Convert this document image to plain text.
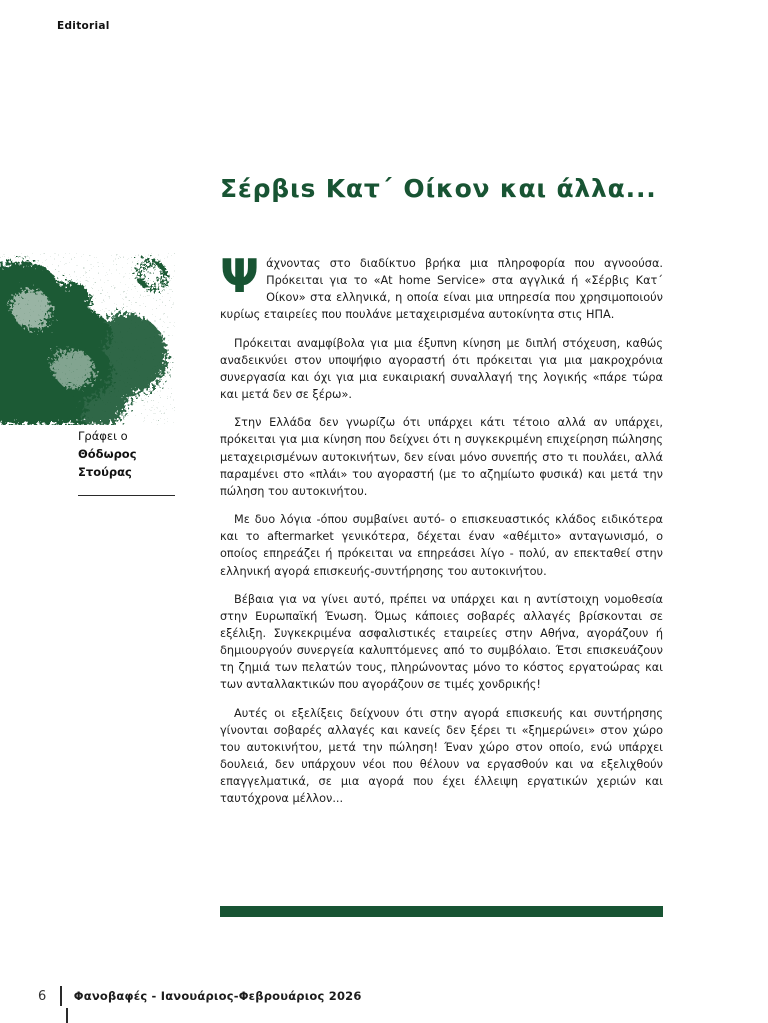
Editorial
Σέρβιs Κατ´ Οίκον και άλλα...
Γράφει ο
Θόδωρος Στούρας

Ψάχνοντας στο διαδίκτυο βρήκα μια πληροφορία που αγνοούσα. Πρόκειται για το «At home Service» στα αγγλικά ή «Σέρβις Κατ΄ Οίκον» στα ελληνικά, η οποία είναι μια υπηρεσία που χρησιμοποιούν κυρίως εταιρείες που πουλάνε μεταχειρισμένα αυτοκίνητα στις ΗΠΑ.

Πρόκειται αναμφίβολα για μια έξυπνη κίνηση με διπλή στόχευση, καθώς αναδεικνύει στον υποψήφιο αγοραστή ότι πρόκειται για μια μακροχρόνια συνεργασία και όχι για μια ευκαιριακή συναλλαγή της λογικής «πάρε τώρα και μετά δεν σε ξέρω».

Στην Ελλάδα δεν γνωρίζω ότι υπάρχει κάτι τέτοιο αλλά αν υπάρχει, πρόκειται για μια κίνηση που δείχνει ότι η συγκεκριμένη επιχείρηση πώλησης μεταχειρισμένων αυτοκινήτων, δεν είναι μόνο συνεπής στο τι πουλάει, αλλά παραμένει στο «πλάι» του αγοραστή (με το αζημίωτο φυσικά) και μετά την πώληση του αυτοκινήτου.

Με δυο λόγια -όπου συμβαίνει αυτό- ο επισκευαστικός κλάδος ειδικότερα και το aftermarket γενικότερα, δέχεται έναν «αθέμιτο» ανταγωνισμό, ο οποίος επηρεάζει ή πρόκειται να επηρεάσει λίγο - πολύ, αν επεκταθεί στην ελληνική αγορά επισκευής-συντήρησης του αυτοκινήτου.

Βέβαια για να γίνει αυτό, πρέπει να υπάρχει και η αντίστοιχη νομοθεσία στην Ευρωπαϊκή Ένωση. Όμως κάποιες σοβαρές αλλαγές βρίσκονται σε εξέλιξη. Συγκεκριμένα ασφαλιστικές εταιρείες στην Αθήνα, αγοράζουν ή δημιουργούν συνεργεία καλυπτόμενες από το συμβόλαιο. Έτσι επισκευάζουν τη ζημιά των πελατών τους, πληρώνοντας μόνο το κόστος εργατοώρας και των ανταλλακτικών που αγοράζουν σε τιμές χονδρικής!

Αυτές οι εξελίξεις δείχνουν ότι στην αγορά επισκευής και συντήρησης γίνονται σοβαρές αλλαγές και κανείς δεν ξέρει τι «ξημερώνει» στον χώρο του αυτοκινήτου, μετά την πώληση! Έναν χώρο στον οποίο, ενώ υπάρχει δουλειά, δεν υπάρχουν νέοι που θέλουν να εργασθούν και να εξελιχθούν επαγγελματικά, σε μια αγορά που έχει έλλειψη εργατικών χεριών και ταυτόχρονα μέλλον...

6 Φανοβαφές - Ιανουάριος-Φεβρουάριος 2026
